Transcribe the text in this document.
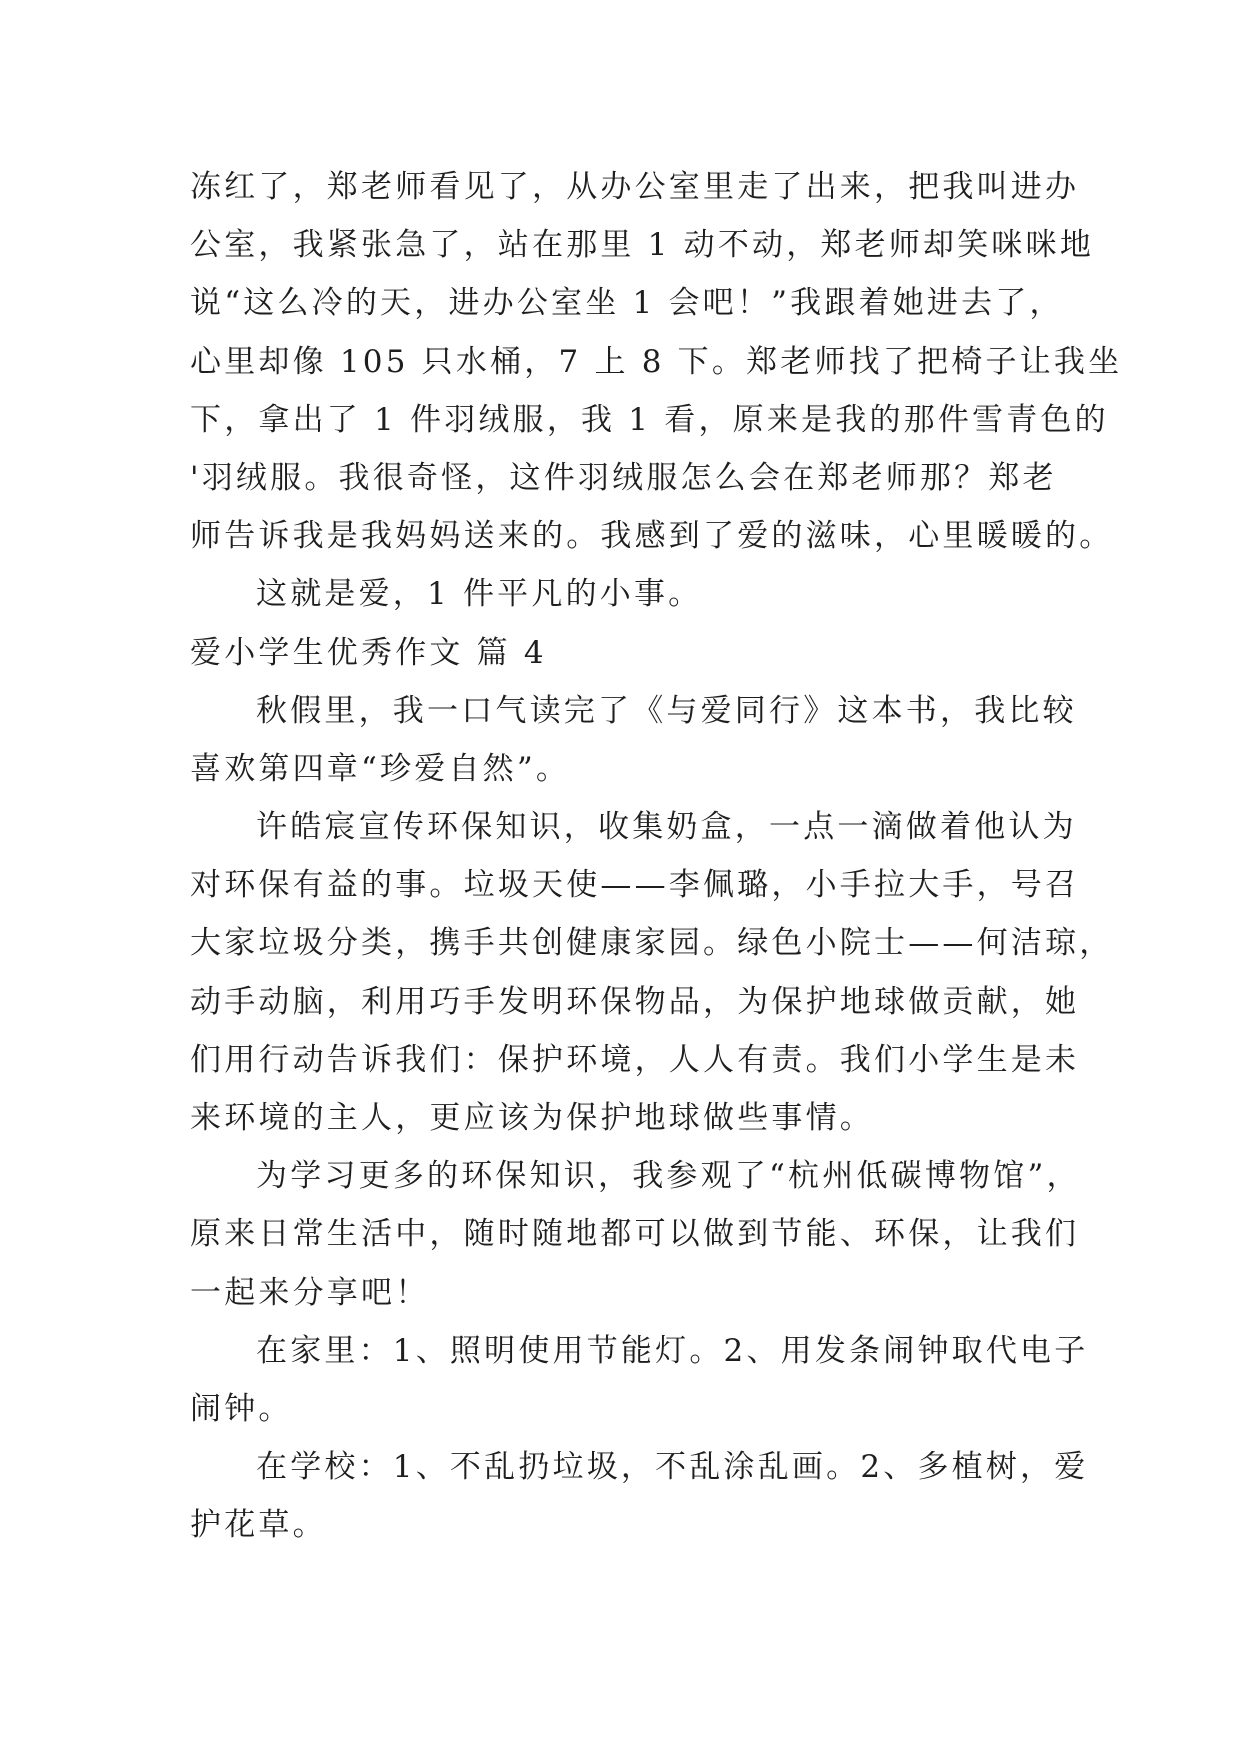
冻红了，郑老师看见了，从办公室里走了出来，把我叫进办
公室，我紧张急了，站在那里 1 动不动，郑老师却笑咪咪地
说“这么冷的天，进办公室坐 1 会吧！”我跟着她进去了，
心里却像 105 只水桶，7 上 8 下。郑老师找了把椅子让我坐
下，拿出了 1 件羽绒服，我 1 看，原来是我的那件雪青色的
'羽绒服。我很奇怪，这件羽绒服怎么会在郑老师那？郑老
师告诉我是我妈妈送来的。我感到了爱的滋味，心里暖暖的。
这就是爱，1 件平凡的小事。
爱小学生优秀作文 篇 4
秋假里，我一口气读完了《与爱同行》这本书，我比较
喜欢第四章“珍爱自然”。
许皓宸宣传环保知识，收集奶盒，一点一滴做着他认为
对环保有益的事。垃圾天使——李佩璐，小手拉大手，号召
大家垃圾分类，携手共创健康家园。绿色小院士——何洁琼，
动手动脑，利用巧手发明环保物品，为保护地球做贡献，她
们用行动告诉我们：保护环境，人人有责。我们小学生是未
来环境的主人，更应该为保护地球做些事情。
为学习更多的环保知识，我参观了“杭州低碳博物馆”，
原来日常生活中，随时随地都可以做到节能、环保，让我们
一起来分享吧！
在家里：1、照明使用节能灯。2、用发条闹钟取代电子
闹钟。
在学校：1、不乱扔垃圾，不乱涂乱画。2、多植树，爱
护花草。
